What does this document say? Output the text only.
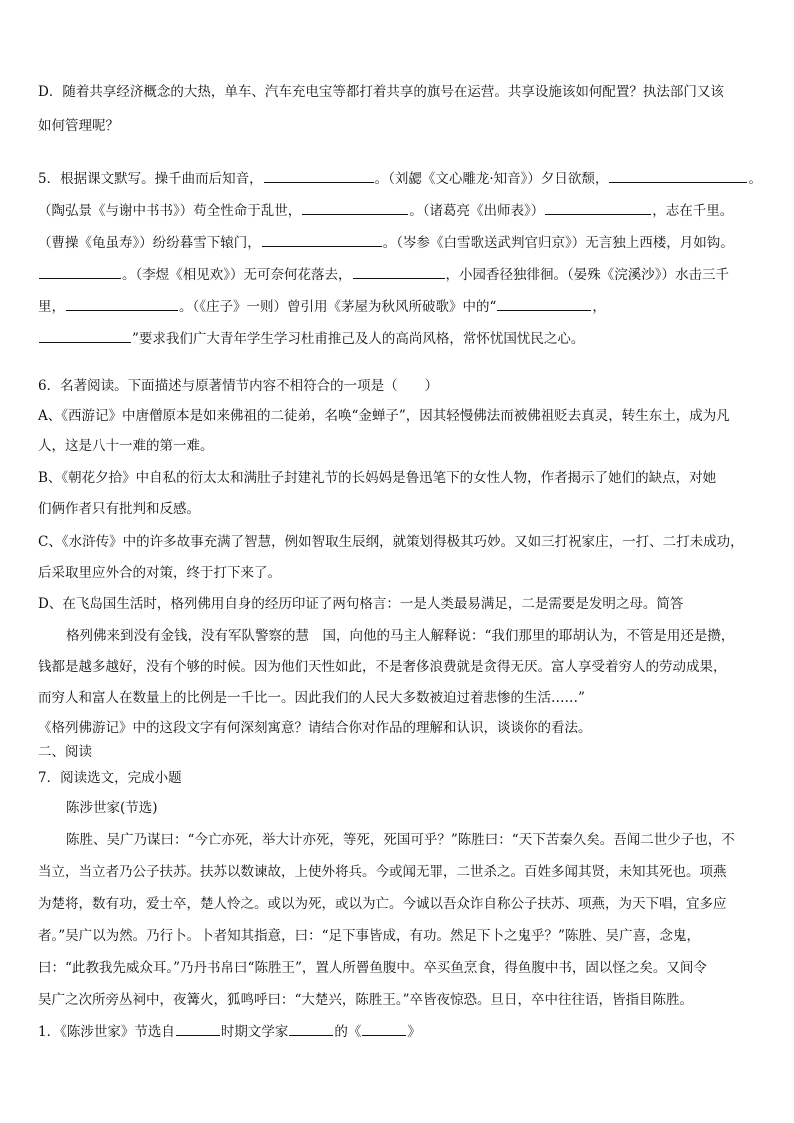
D．随着共享经济概念的大热，单车、汽车充电宝等都打着共享的旗号在运营。共享设施该如何配置？执法部门又该
如何管理呢？
5．根据课文默写。操千曲而后知音，	。（刘勰《文心雕龙·知音》）夕日欲颓，	。
（陶弘景《与谢中书书》）苟全性命于乱世，	。（诸葛亮《出师表》）	，志在千里。
（曹操《龟虽寿》）纷纷暮雪下辕门，	。（岑参《白雪歌送武判官归京》）无言独上西楼，月如钩。
。（李煜《相见欢》）无可奈何花落去，	，小园香径独徘徊。（晏殊《浣溪沙》）水击三千
里，	。（《庄子》一则）曾引用《茅屋为秋风所破歌》中的“	，
”要求我们广大青年学生学习杜甫推己及人的高尚风格，常怀忧国忧民之心。
6．名著阅读。下面描述与原著情节内容不相符合的一项是（　　）
A、《西游记》中唐僧原本是如来佛祖的二徒弟，名唤“金蝉子”，因其轻慢佛法而被佛祖贬去真灵，转生东土，成为凡
人，这是八十一难的第一难。
B、《朝花夕拾》中自私的衍太太和满肚子封建礼节的长妈妈是鲁迅笔下的女性人物，作者揭示了她们的缺点，对她
们俩作者只有批判和反感。
C、《水浒传》中的许多故事充满了智慧，例如智取生辰纲，就策划得极其巧妙。又如三打祝家庄，一打、二打未成功，
后采取里应外合的对策，终于打下来了。
D、在飞岛国生活时，格列佛用自身的经历印证了两句格言：一是人类最易满足，二是需要是发明之母。简答
格列佛来到没有金钱，没有军队警察的慧　国，向他的马主人解释说：“我们那里的耶胡认为，不管是用还是攒，
钱都是越多越好，没有个够的时候。因为他们天性如此，不是奢侈浪费就是贪得无厌。富人享受着穷人的劳动成果，
而穷人和富人在数量上的比例是一千比一。因此我们的人民大多数被迫过着悲惨的生活……”
《格列佛游记》中的这段文字有何深刻寓意？请结合你对作品的理解和认识，谈谈你的看法。
二、阅读
7．阅读选文，完成小题
陈涉世家(节选)
陈胜、吴广乃谋曰：“今亡亦死，举大计亦死，等死，死国可乎？”陈胜曰：“天下苦秦久矣。吾闻二世少子也，不
当立，当立者乃公子扶苏。扶苏以数谏故，上使外将兵。今或闻无罪，二世杀之。百姓多闻其贤，未知其死也。项燕
为楚将，数有功，爱士卒，楚人怜之。或以为死，或以为亡。今诚以吾众诈自称公子扶苏、项燕，为天下唱，宜多应
者。”吴广以为然。乃行卜。卜者知其指意，曰：“足下事皆成，有功。然足下卜之鬼乎？”陈胜、吴广喜，念鬼，
曰：“此教我先威众耳。”乃丹书帛曰“陈胜王”，置人所罾鱼腹中。卒买鱼烹食，得鱼腹中书，固以怪之矣。又间令
吴广之次所旁丛祠中，夜篝火，狐鸣呼曰：“大楚兴，陈胜王。”卒皆夜惊恐。旦日，卒中往往语，皆指目陈胜。
1．《陈涉世家》节选自	时期文学家	的《	》
